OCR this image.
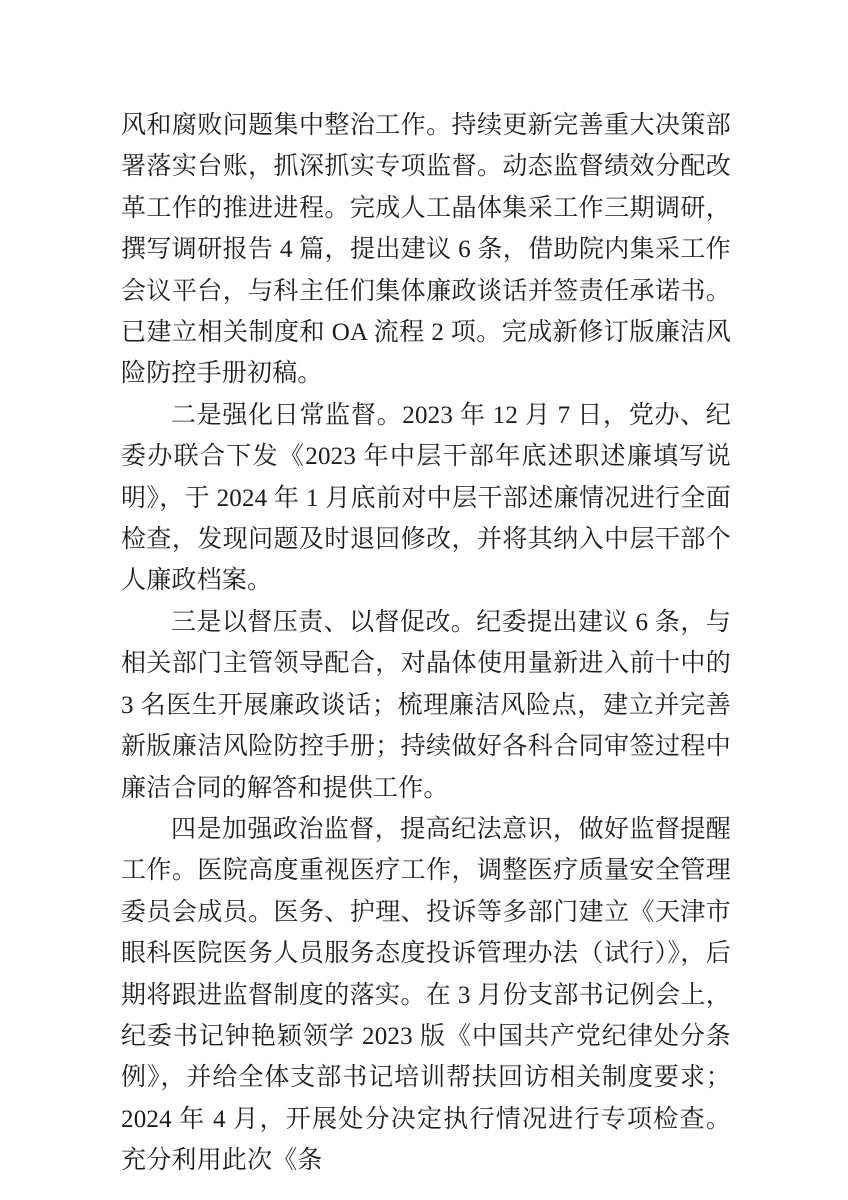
风和腐败问题集中整治工作。持续更新完善重大决策部署落实台账，抓深抓实专项监督。动态监督绩效分配改革工作的推进进程。完成人工晶体集采工作三期调研，撰写调研报告 4 篇，提出建议 6 条，借助院内集采工作会议平台，与科主任们集体廉政谈话并签责任承诺书。已建立相关制度和 OA 流程 2 项。完成新修订版廉洁风险防控手册初稿。

二是强化日常监督。2023 年 12 月 7 日，党办、纪委办联合下发《2023 年中层干部年底述职述廉填写说明》，于 2024 年 1 月底前对中层干部述廉情况进行全面检查，发现问题及时退回修改，并将其纳入中层干部个人廉政档案。

三是以督压责、以督促改。纪委提出建议 6 条，与相关部门主管领导配合，对晶体使用量新进入前十中的 3 名医生开展廉政谈话；梳理廉洁风险点，建立并完善新版廉洁风险防控手册；持续做好各科合同审签过程中廉洁合同的解答和提供工作。

四是加强政治监督，提高纪法意识，做好监督提醒工作。医院高度重视医疗工作，调整医疗质量安全管理委员会成员。医务、护理、投诉等多部门建立《天津市眼科医院医务人员服务态度投诉管理办法（试行）》，后期将跟进监督制度的落实。在 3 月份支部书记例会上，纪委书记钟艳颖领学 2023 版《中国共产党纪律处分条例》，并给全体支部书记培训帮扶回访相关制度要求；2024 年 4 月，开展处分决定执行情况进行专项检查。充分利用此次《条
